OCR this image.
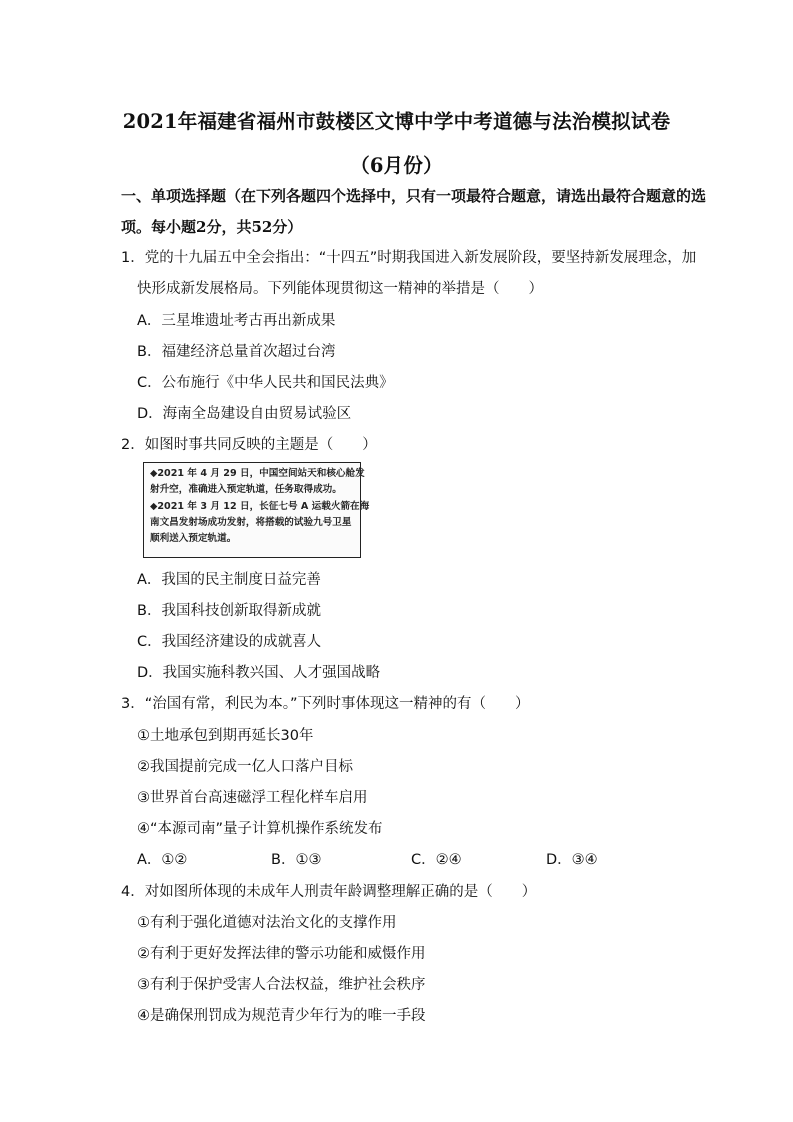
2021年福建省福州市鼓楼区文博中学中考道德与法治模拟试卷
（6月份）
一、单项选择题（在下列各题四个选择中，只有一项最符合题意，请选出最符合题意的选
项。每小题2分，共52分）
1．党的十九届五中全会指出：“十四五”时期我国进入新发展阶段，要坚持新发展理念，加
快形成新发展格局。下列能体现贯彻这一精神的举措是（　　）
A．三星堆遗址考古再出新成果
B．福建经济总量首次超过台湾
C．公布施行《中华人民共和国民法典》
D．海南全岛建设自由贸易试验区
2．如图时事共同反映的主题是（　　）
◆2021 年 4 月 29 日，中国空间站天和核心舱发
射升空，准确进入预定轨道，任务取得成功。
◆2021 年 3 月 12 日，长征七号 A 运载火箭在海
南文昌发射场成功发射，将搭载的试验九号卫星
顺利送入预定轨道。
A．我国的民主制度日益完善
B．我国科技创新取得新成就
C．我国经济建设的成就喜人
D．我国实施科教兴国、人才强国战略
3．“治国有常，利民为本。”下列时事体现这一精神的有（　　）
①土地承包到期再延长30年
②我国提前完成一亿人口落户目标
③世界首台高速磁浮工程化样车启用
④“本源司南”量子计算机操作系统发布
A．①②	B．①③	C．②④	D．③④
4．对如图所体现的未成年人刑责年龄调整理解正确的是（　　）
①有利于强化道德对法治文化的支撑作用
②有利于更好发挥法律的警示功能和威慑作用
③有利于保护受害人合法权益，维护社会秩序
④是确保刑罚成为规范青少年行为的唯一手段
